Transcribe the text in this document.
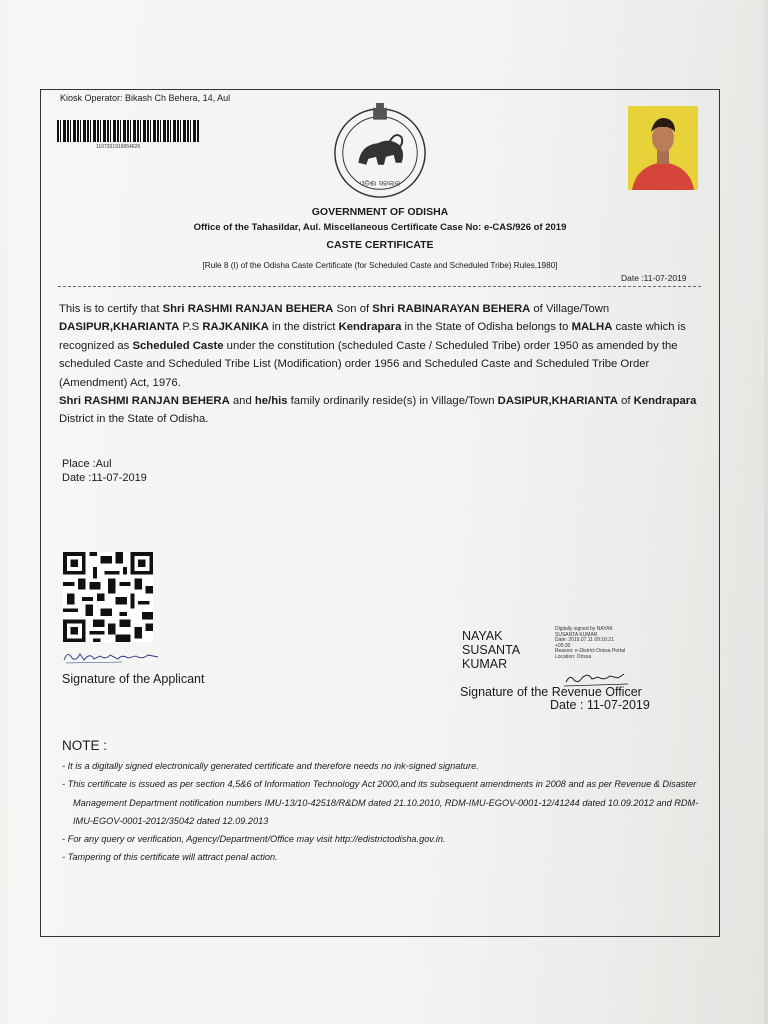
Kiosk Operator: Bikash Ch Behera, 14, Aul
1107201919954626
ଓଡ଼ିଶା ସରକାର
GOVERNMENT OF ODISHA
Office of the Tahasildar, Aul. Miscellaneous Certificate Case No: e-CAS/926 of 2019
CASTE CERTIFICATE
[Rule 8 (I) of the Odisha Caste Certificate (for Scheduled Caste and Scheduled Tribe) Rules,1980]
Date :11-07-2019

This is to certify that Shri RASHMI RANJAN BEHERA Son of Shri RABINARAYAN BEHERA of Village/Town DASIPUR,KHARIANTA P.S RAJKANIKA in the district Kendrapara in the State of Odisha belongs to MALHA caste which is recognized as Scheduled Caste under the constitution (scheduled Caste / Scheduled Tribe) order 1950 as amended by the scheduled Caste and Scheduled Tribe List (Modification) order 1956 and Scheduled Caste and Scheduled Tribe Order (Amendment) Act, 1976.

Shri RASHMI RANJAN BEHERA and he/his family ordinarily reside(s) in Village/Town DASIPUR,KHARIANTA of Kendrapara District in the State of Odisha.

Place :Aul
Date :11-07-2019
Signature of the Applicant
NAYAK
SUSANTA
KUMAR
Digitally signed by NAYAK
SUSANTA KUMAR
Date: 2019.07.11 09:16:21
+05:30
Reason: e-District Orissa Portal
Location: Orissa
Signature of the Revenue Officer
Date : 11-07-2019
NOTE :
- It is a digitally signed electronically generated certificate and therefore needs no ink-signed signature.
- This certificate is issued as per section 4,5&6 of Information Technology Act 2000,and its subsequent amendments in 2008 and as per Revenue & Disaster Management Department notification numbers IMU-13/10-42518/R&DM dated 21.10.2010, RDM-IMU-EGOV-0001-12/41244 dated 10.09.2012 and RDM-IMU-EGOV-0001-2012/35042 dated 12.09.2013
- For any query or verification, Agency/Department/Office may visit http://edistrictodisha.gov.in.
- Tampering of this certificate will attract penal action.
